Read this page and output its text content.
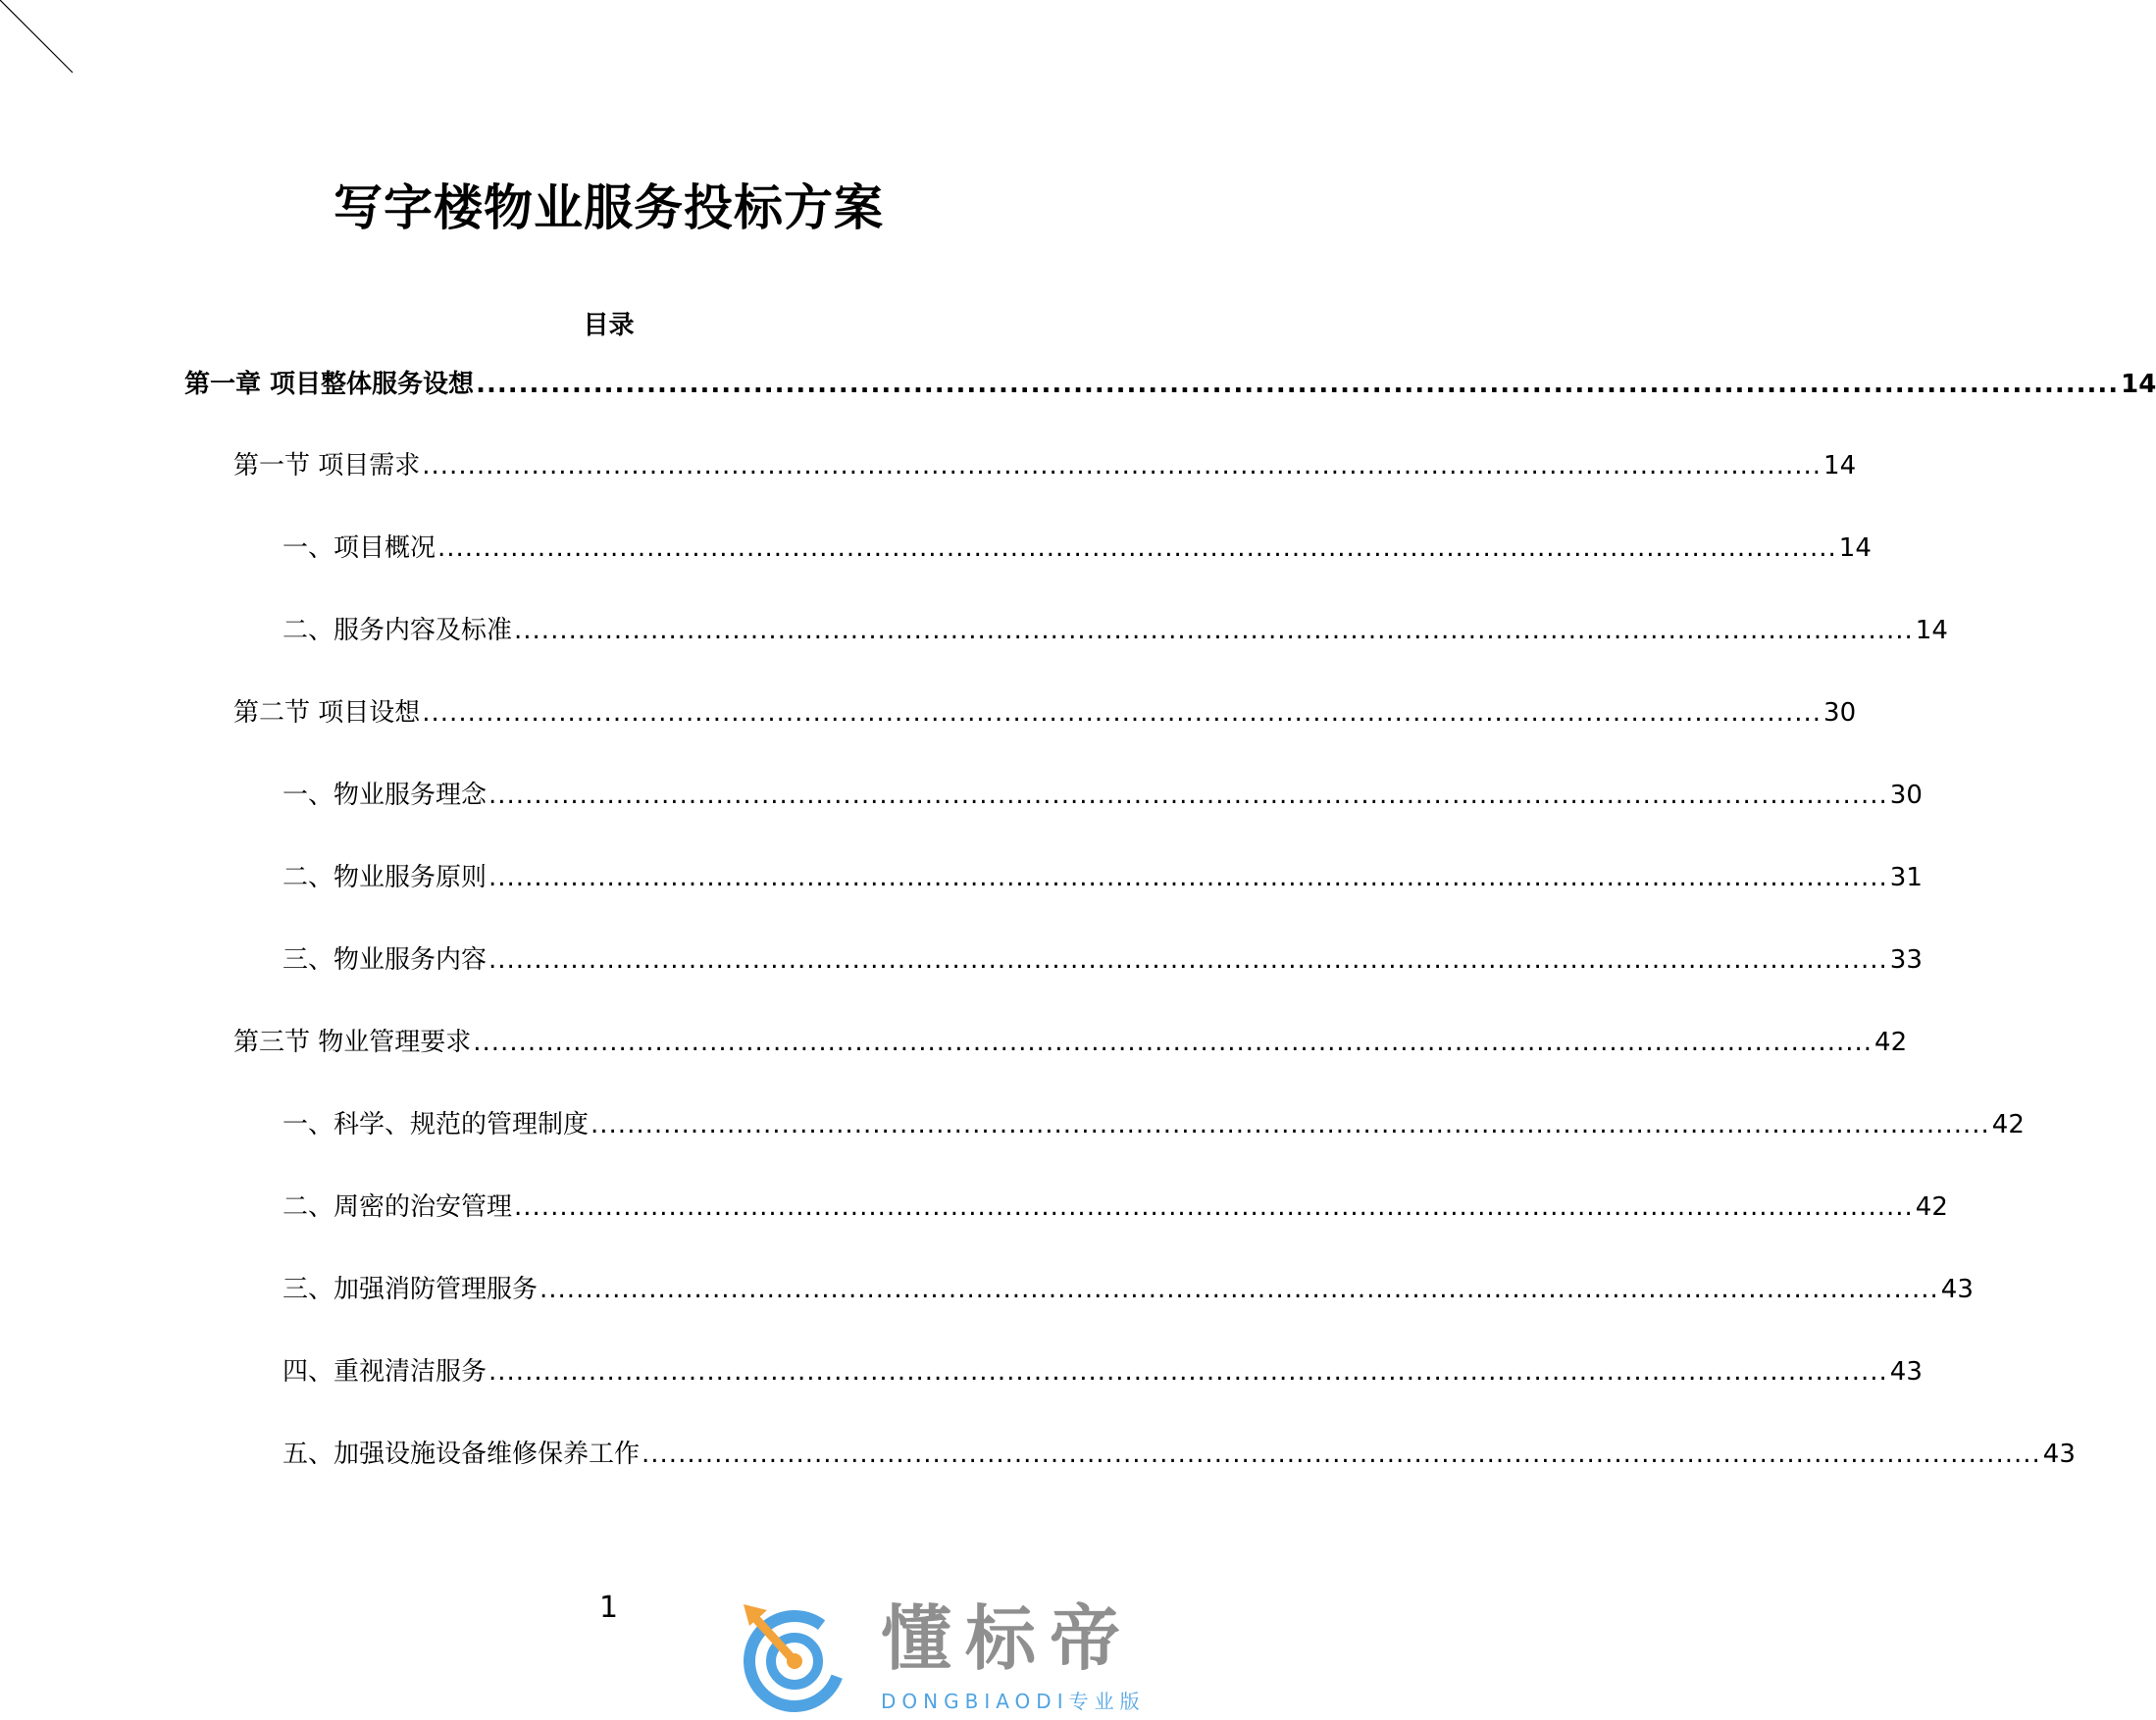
写字楼物业服务投标方案
目录
第一章 项目整体服务设想 .......................................................................................................................................................... 14
第一节 项目需求 .......................................................................................................................................................... 14
一、项目概况 .......................................................................................................................................................... 14
二、服务内容及标准 .......................................................................................................................................................... 14
第二节 项目设想 .......................................................................................................................................................... 30
一、物业服务理念 .......................................................................................................................................................... 30
二、物业服务原则 .......................................................................................................................................................... 31
三、物业服务内容 .......................................................................................................................................................... 33
第三节 物业管理要求 .......................................................................................................................................................... 42
一、科学、规范的管理制度 .......................................................................................................................................................... 42
二、周密的治安管理 .......................................................................................................................................................... 42
三、加强消防管理服务 .......................................................................................................................................................... 43
四、重视清洁服务 .......................................................................................................................................................... 43
五、加强设施设备维修保养工作 .......................................................................................................................................................... 43
1	懂标帝
DONGBIAODI专业版
